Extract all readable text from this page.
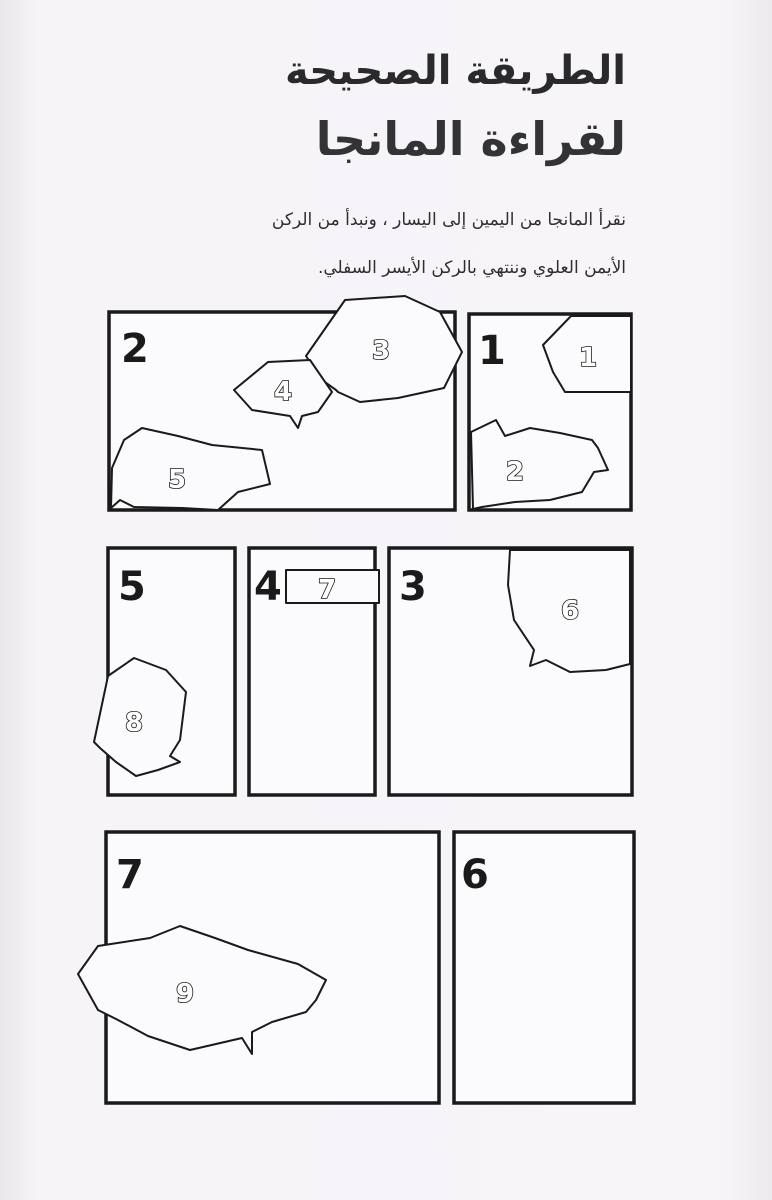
الطريقة الصحيحة
لقراءة المانجا
نقرأ المانجا من اليمين إلى اليسار ، ونبدأ من الركن
الأيمن العلوي وننتهي بالركن الأيسر السفلي.
2	1
5	4	3
7	6
1
2
3
4
5
6
7
8
9
